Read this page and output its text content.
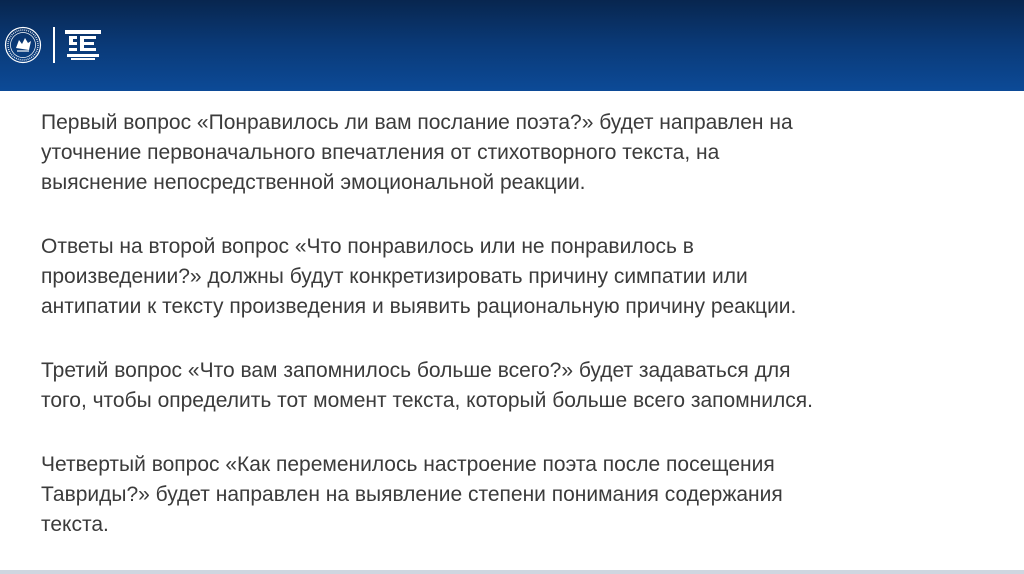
Первый вопрос «Понравилось ли вам послание поэта?» будет направлен на
уточнение первоначального впечатления от стихотворного текста, на
выяснение непосредственной эмоциональной реакции.

Ответы на второй вопрос «Что понравилось или не понравилось в
произведении?» должны будут конкретизировать причину симпатии или
антипатии к тексту произведения и выявить рациональную причину реакции.

Третий вопрос «Что вам запомнилось больше всего?» будет задаваться для
того, чтобы определить тот момент текста, который больше всего запомнился.

Четвертый вопрос «Как переменилось настроение поэта после посещения
Тавриды?» будет направлен на выявление степени понимания содержания
текста.
